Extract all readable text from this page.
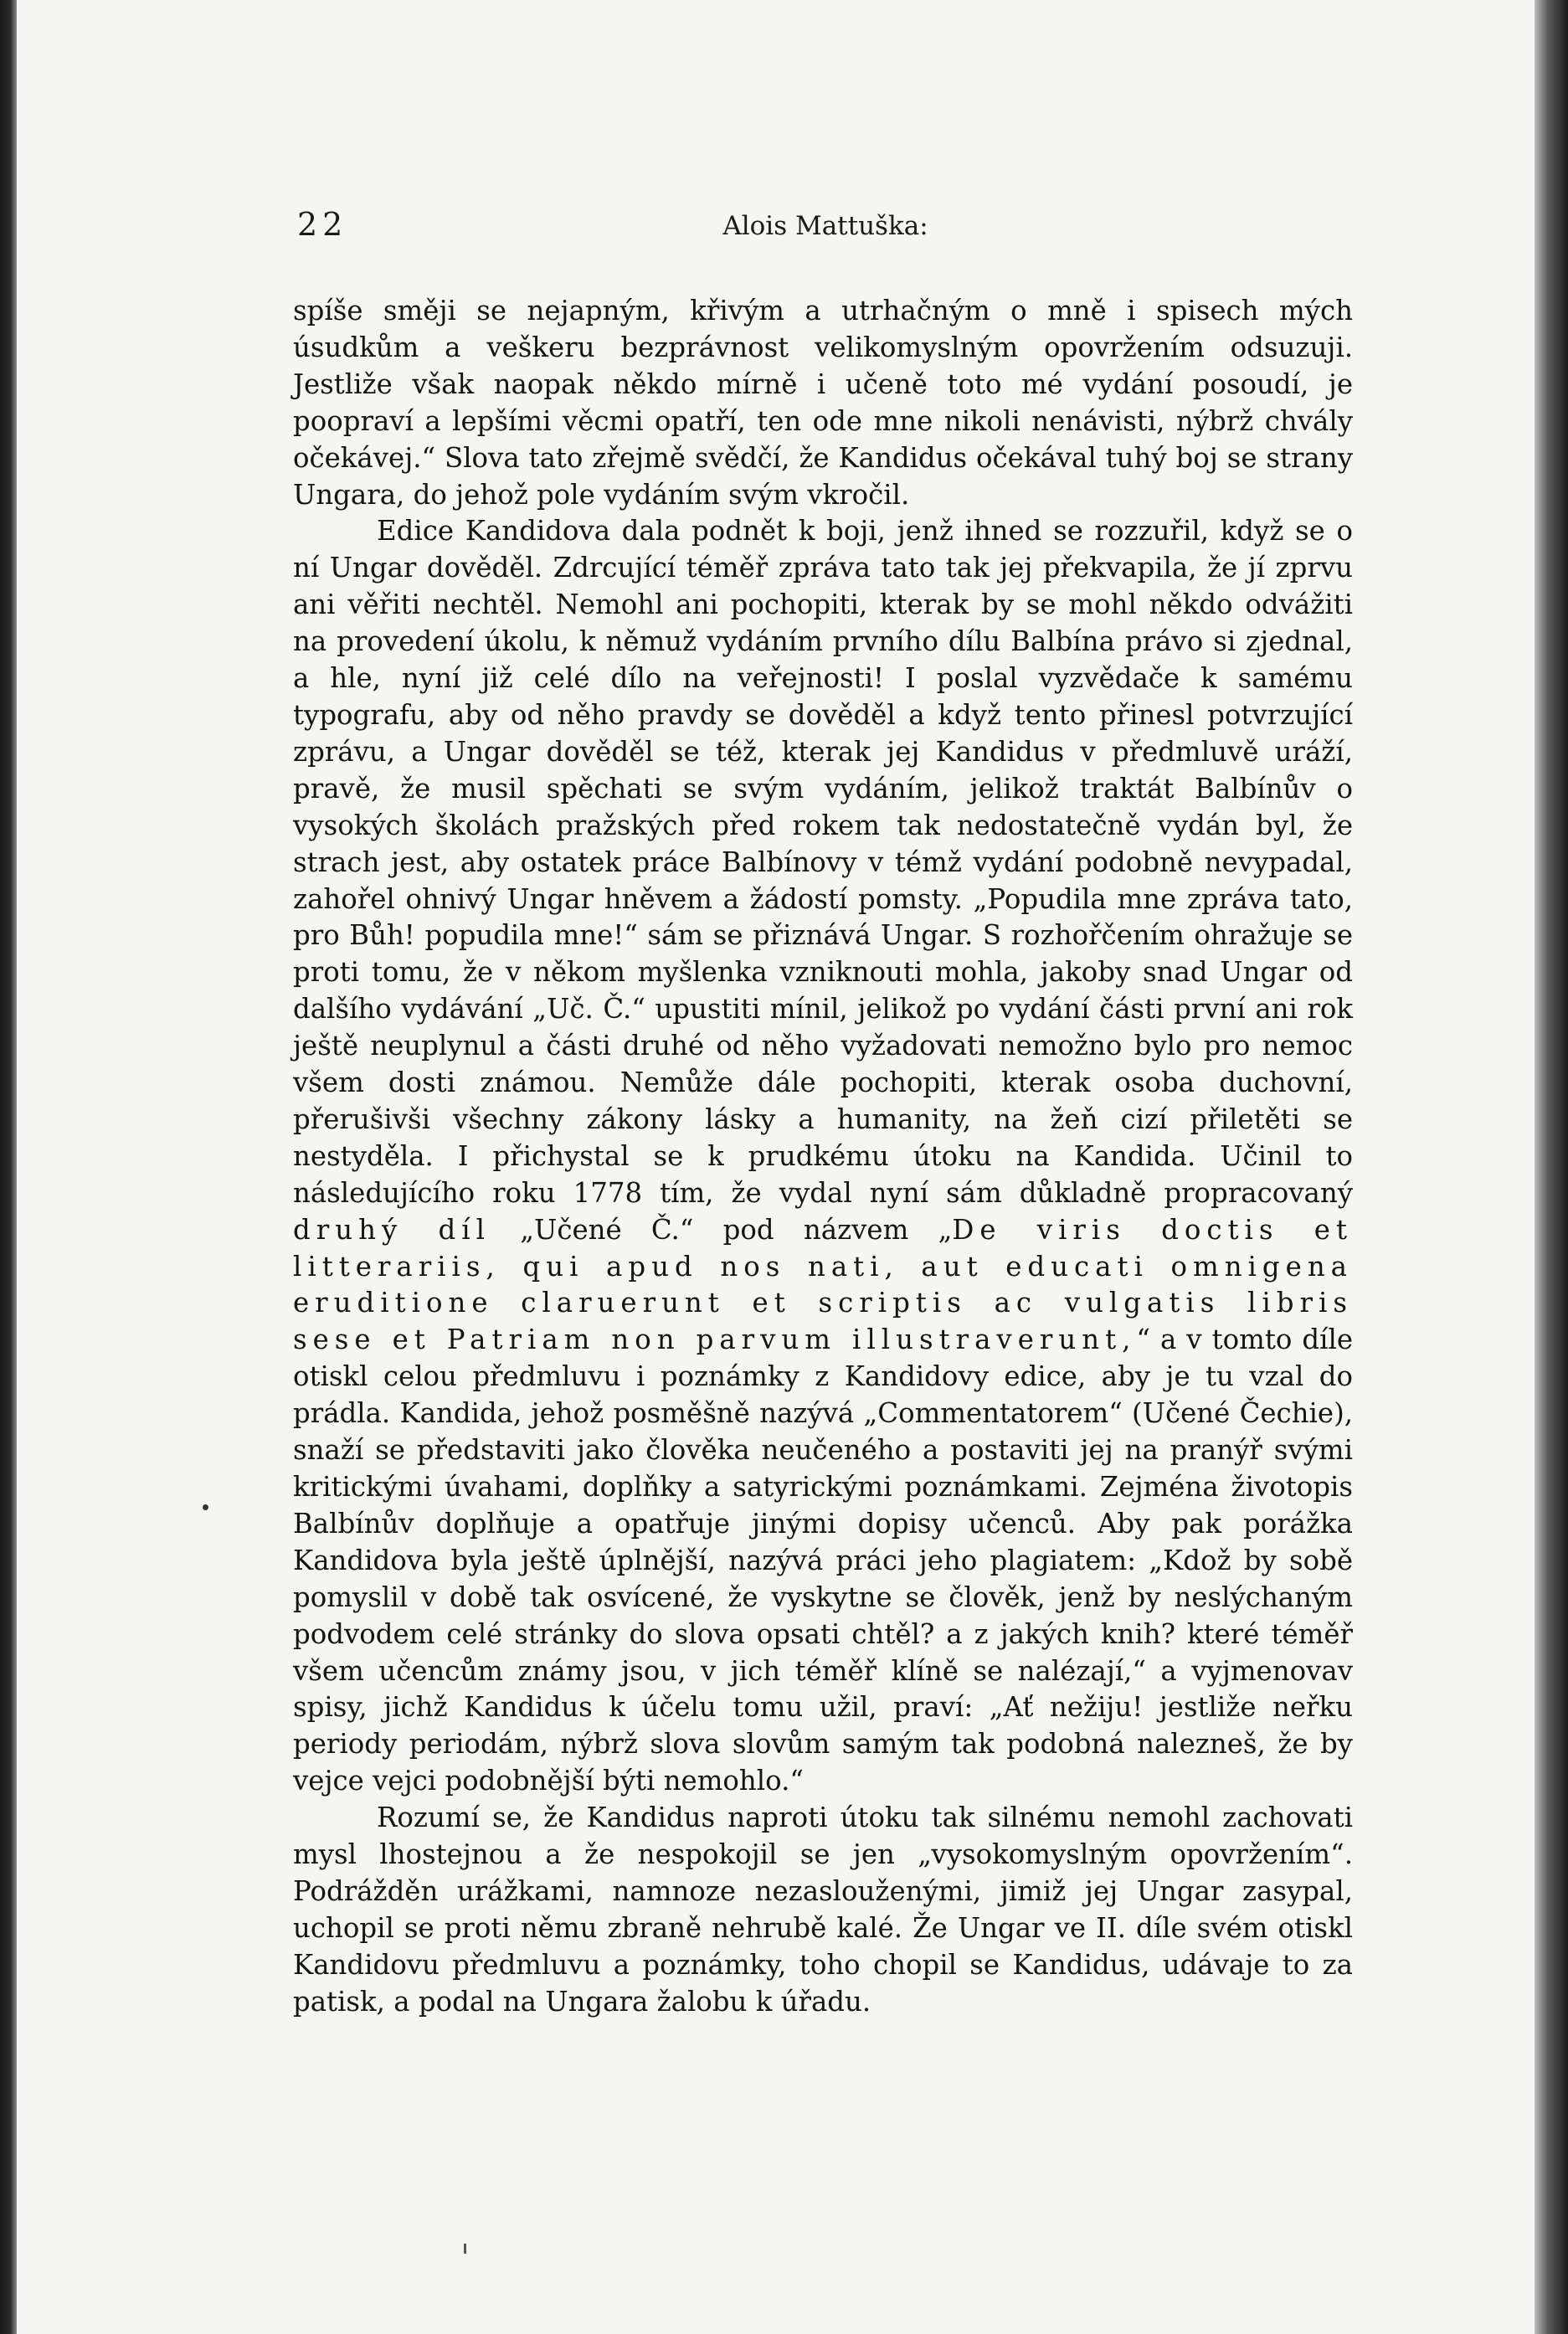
22	Alois Mattuška:

spíše směji se nejapným, křivým a utrhačným o mně i spisech mých úsudkům a veškeru bezprávnost velikomyslným opovržením odsuzuji. Jestliže však naopak někdo mírně i učeně toto mé vydání posoudí, je poopraví a lepšími věcmi opatří, ten ode mne nikoli nenávisti, nýbrž chvály očekávej.“ Slova tato zřejmě svědčí, že Kandidus očekával tuhý boj se strany Ungara, do jehož pole vydáním svým vkročil.

Edice Kandidova dala podnět k boji, jenž ihned se rozzuřil, když se o ní Ungar dověděl. Zdrcující téměř zpráva tato tak jej překvapila, že jí zprvu ani věřiti nechtěl. Nemohl ani pochopiti, kterak by se mohl někdo odvážiti na provedení úkolu, k němuž vydáním prvního dílu Balbína právo si zjednal, a hle, nyní již celé dílo na veřejnosti! I poslal vyzvědače k samému typografu, aby od něho pravdy se dověděl a když tento přinesl potvrzující zprávu, a Ungar dověděl se též, kterak jej Kandidus v předmluvě uráží, pravě, že musil spěchati se svým vydáním, jelikož traktát Balbínův o vysokých školách pražských před rokem tak nedostatečně vydán byl, že strach jest, aby ostatek práce Balbínovy v témž vydání podobně nevypadal, zahořel ohnivý Ungar hněvem a žádostí pomsty. „Popudila mne zpráva tato, pro Bůh! popudila mne!“ sám se přiznává Ungar. S rozhořčením ohražuje se proti tomu, že v někom myšlenka vzniknouti mohla, jakoby snad Ungar od dalšího vydávání „Uč. Č.“ upustiti mínil, jelikož po vydání části první ani rok ještě neuplynul a části druhé od něho vyžadovati nemožno bylo pro nemoc všem dosti známou. Nemůže dále pochopiti, kterak osoba duchovní, přerušivši všechny zákony lásky a humanity, na žeň cizí přiletěti se nestyděla. I přichystal se k prudkému útoku na Kandida. Učinil to následujícího roku 1778 tím, že vydal nyní sám důkladně propracovaný druhý díl „Učené Č.“ pod názvem „De viris doctis et litterariis, qui apud nos nati, aut educati omnigena eruditione claruerunt et scriptis ac vulgatis libris sese et Patriam non parvum illustraverunt,“ a v tomto díle otiskl celou předmluvu i poznámky z Kandidovy edice, aby je tu vzal do prádla. Kandida, jehož posměšně nazývá „Commentatorem“ (Učené Čechie), snaží se představiti jako člověka neučeného a postaviti jej na pranýř svými kritickými úvahami, doplňky a satyrickými poznámkami. Zejména životopis Balbínův doplňuje a opatřuje jinými dopisy učenců. Aby pak porážka Kandidova byla ještě úplnější, nazývá práci jeho plagiatem: „Kdož by sobě pomyslil v době tak osvícené, že vyskytne se člověk, jenž by neslýchaným podvodem celé stránky do slova opsati chtěl? a z jakých knih? které téměř všem učencům známy jsou, v jich téměř klíně se nalézají,“ a vyjmenovav spisy, jichž Kandidus k účelu tomu užil, praví: „Ať nežiju! jestliže neřku periody periodám, nýbrž slova slovům samým tak podobná nalezneš, že by vejce vejci podobnější býti nemohlo.“

Rozumí se, že Kandidus naproti útoku tak silnému nemohl zachovati mysl lhostejnou a že nespokojil se jen „vysokomyslným opovržením“. Podrážděn urážkami, namnoze nezaslouženými, jimiž jej Ungar zasypal, uchopil se proti němu zbraně nehrubě kalé. Že Ungar ve II. díle svém otiskl Kandidovu předmluvu a poznámky, toho chopil se Kandidus, udávaje to za patisk, a podal na Ungara žalobu k úřadu.
